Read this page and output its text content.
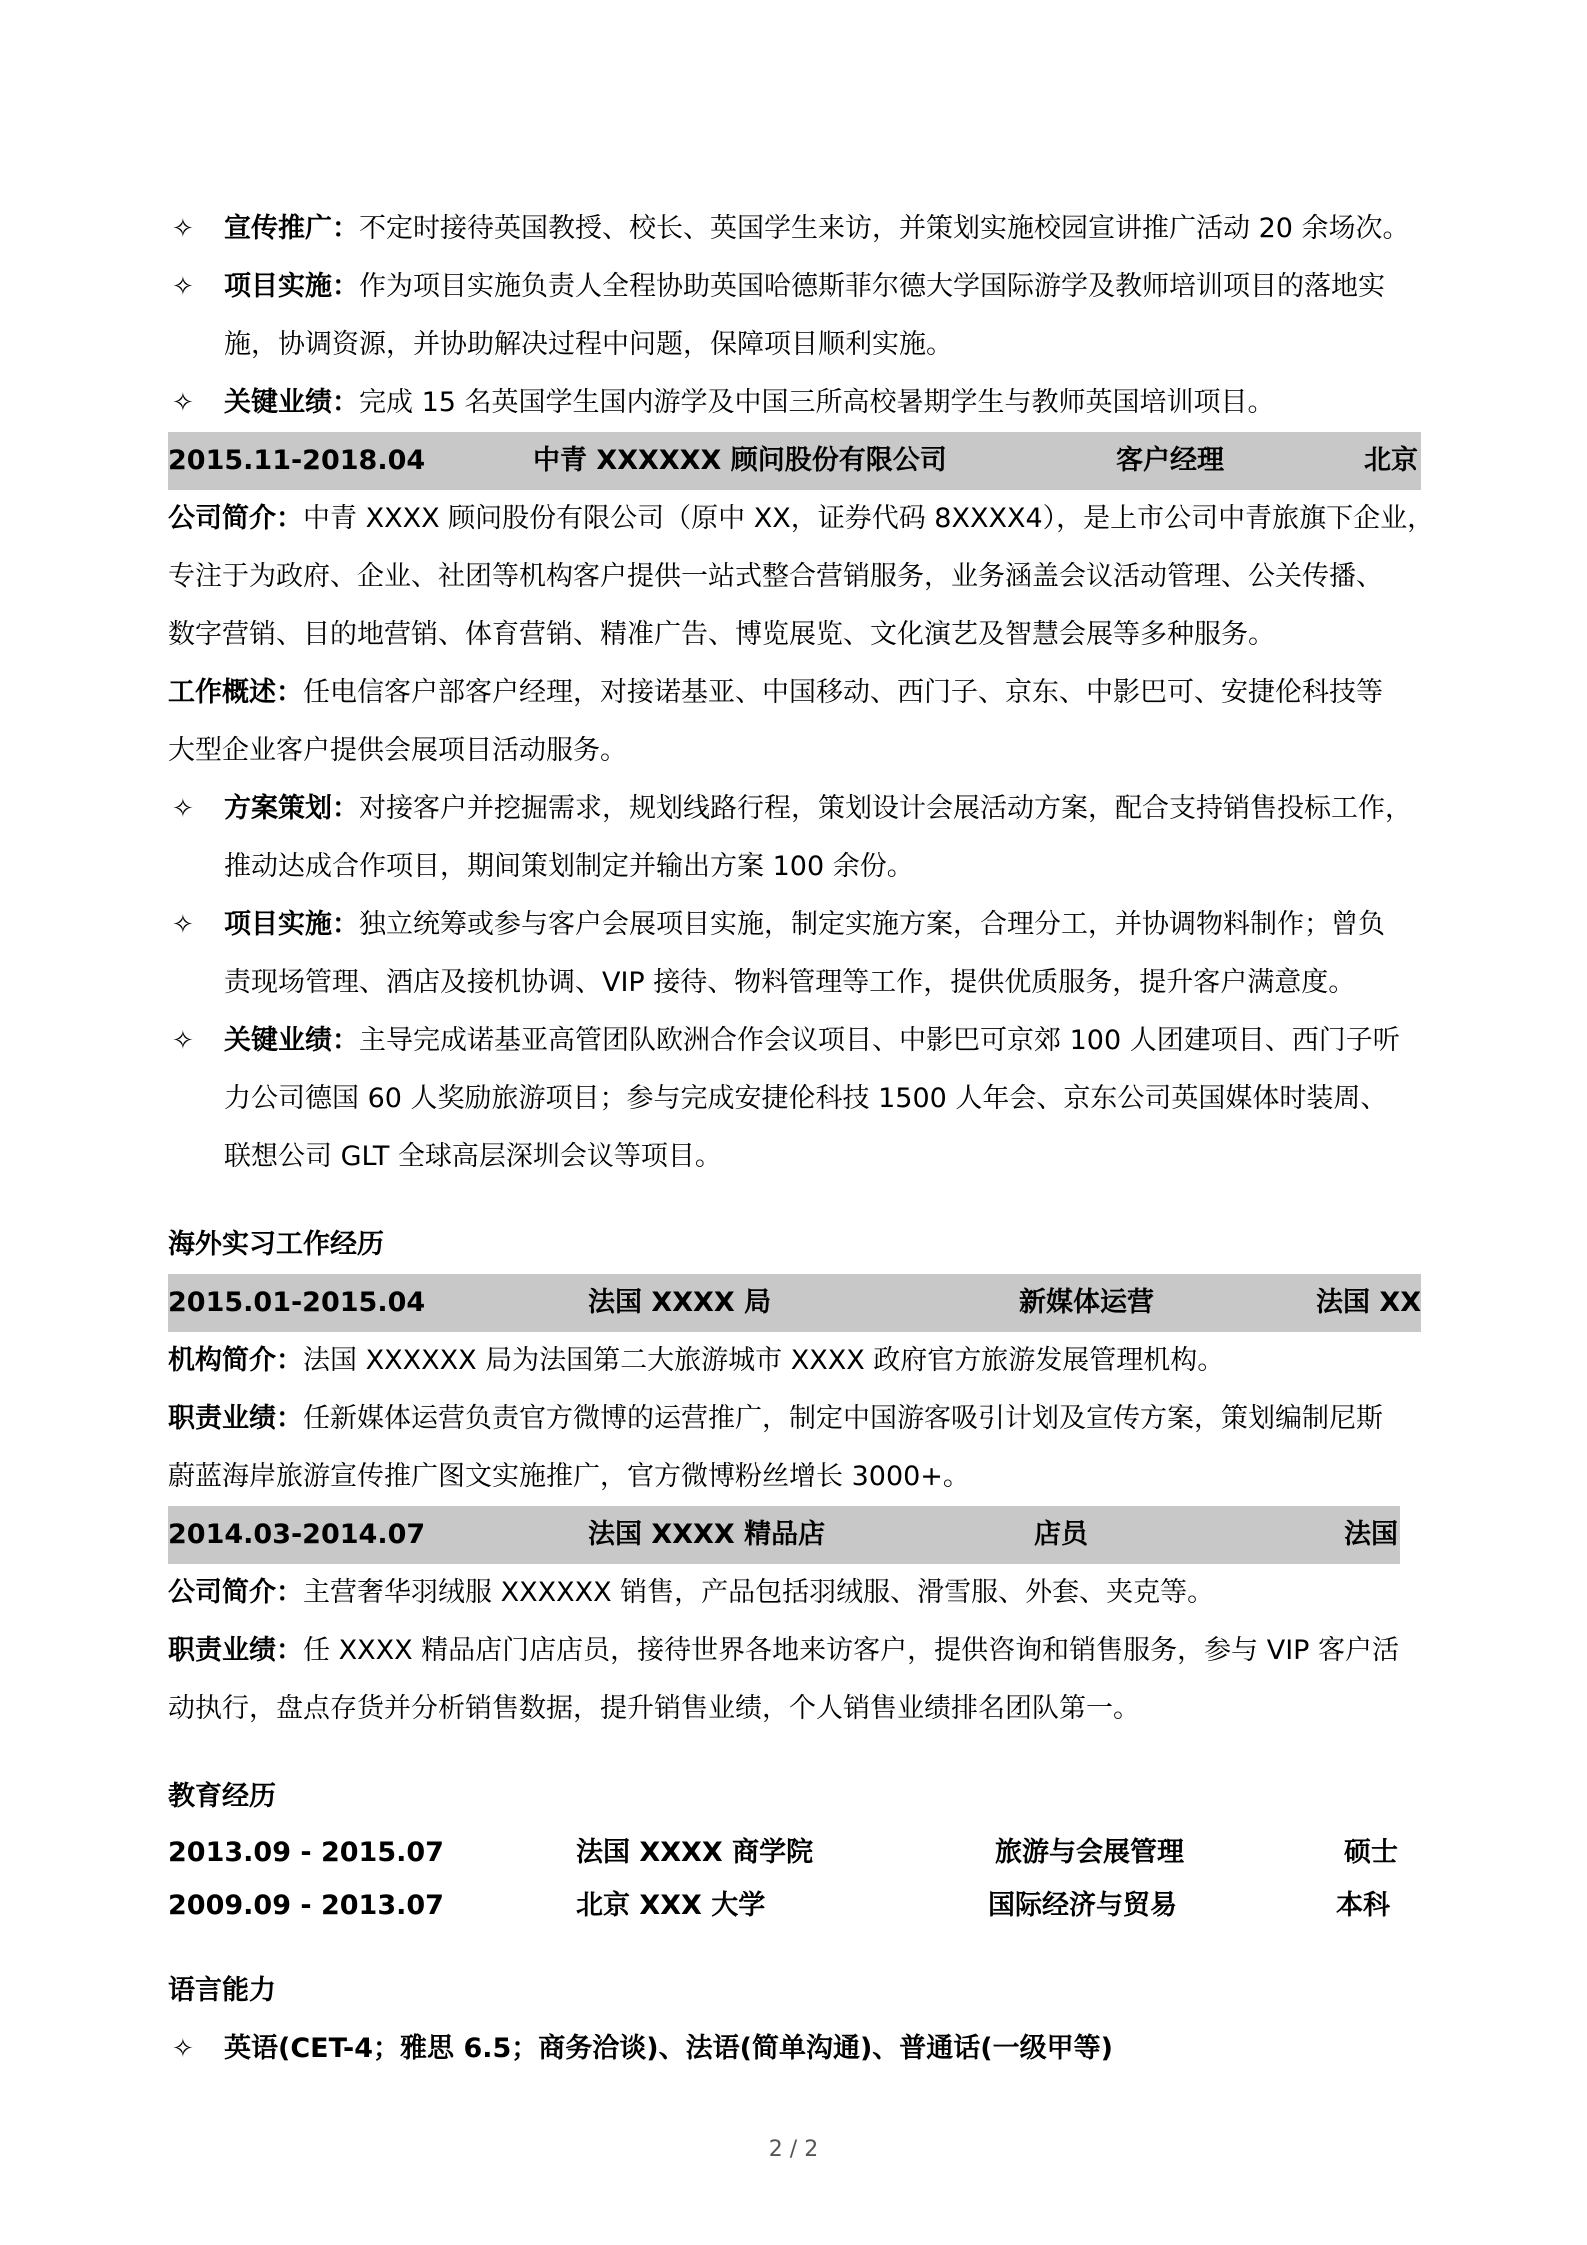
✧ 宣传推广：不定时接待英国教授、校长、英国学生来访，并策划实施校园宣讲推广活动 20 余场次。
✧ 项目实施：作为项目实施负责人全程协助英国哈德斯菲尔德大学国际游学及教师培训项目的落地实
施，协调资源，并协助解决过程中问题，保障项目顺利实施。
✧ 关键业绩：完成 15 名英国学生国内游学及中国三所高校暑期学生与教师英国培训项目。
2015.11-2018.04	中青 XXXXXX 顾问股份有限公司	客户经理	北京
公司简介：中青 XXXX 顾问股份有限公司（原中 XX，证券代码 8XXXX4），是上市公司中青旅旗下企业，
专注于为政府、企业、社团等机构客户提供一站式整合营销服务，业务涵盖会议活动管理、公关传播、
数字营销、目的地营销、体育营销、精准广告、博览展览、文化演艺及智慧会展等多种服务。
工作概述：任电信客户部客户经理，对接诺基亚、中国移动、西门子、京东、中影巴可、安捷伦科技等
大型企业客户提供会展项目活动服务。
✧ 方案策划：对接客户并挖掘需求，规划线路行程，策划设计会展活动方案，配合支持销售投标工作，
推动达成合作项目，期间策划制定并输出方案 100 余份。
✧ 项目实施：独立统筹或参与客户会展项目实施，制定实施方案，合理分工，并协调物料制作；曾负
责现场管理、酒店及接机协调、VIP 接待、物料管理等工作，提供优质服务，提升客户满意度。
✧ 关键业绩：主导完成诺基亚高管团队欧洲合作会议项目、中影巴可京郊 100 人团建项目、西门子听
力公司德国 60 人奖励旅游项目；参与完成安捷伦科技 1500 人年会、京东公司英国媒体时装周、
联想公司 GLT 全球高层深圳会议等项目。
海外实习工作经历
2015.01-2015.04	法国 XXXX 局	新媒体运营	法国 XX
机构简介：法国 XXXXXX 局为法国第二大旅游城市 XXXX 政府官方旅游发展管理机构。
职责业绩：任新媒体运营负责官方微博的运营推广，制定中国游客吸引计划及宣传方案，策划编制尼斯
蔚蓝海岸旅游宣传推广图文实施推广，官方微博粉丝增长 3000+。
2014.03-2014.07	法国 XXXX 精品店	店员	法国
公司简介：主营奢华羽绒服 XXXXXX 销售，产品包括羽绒服、滑雪服、外套、夹克等。
职责业绩：任 XXXX 精品店门店店员，接待世界各地来访客户，提供咨询和销售服务，参与 VIP 客户活
动执行，盘点存货并分析销售数据，提升销售业绩，个人销售业绩排名团队第一。
教育经历
2013.09 - 2015.07	法国 XXXX 商学院	旅游与会展管理	硕士
2009.09 - 2013.07	北京 XXX 大学	国际经济与贸易	本科
语言能力
✧ 英语(CET-4；雅思 6.5；商务洽谈)、法语(简单沟通)、普通话(一级甲等)
2 / 2
